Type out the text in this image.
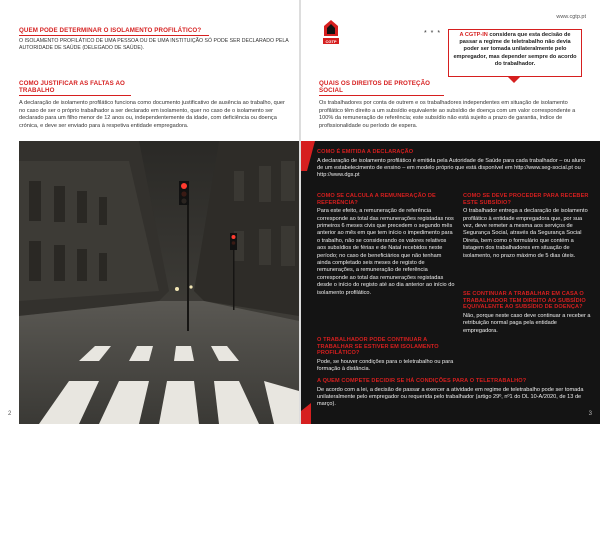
QUEM PODE DETERMINAR O ISOLAMENTO PROFILÁTICO?

O ISOLAMENTO PROFILÁTICO DE UMA PESSOA OU DE UMA INSTITUIÇÃO SÓ PODE SER DECLARADO PELA AUTORIDADE DE SAÚDE (DELEGADO DE SAÚDE).

COMO JUSTIFICAR AS FALTAS AO TRABALHO

A declaração de isolamento profilático funciona como documento justificativo de ausência ao trabalho, quer no caso de ser o próprio trabalhador a ser declarado em isolamento, quer no caso de o isolamento ser declarado para um filho menor de 12 anos ou, independentemente da idade, com deficiência ou doença crónica, e deve ser enviado para à respetiva entidade empregadora.

ISOLAMENTO
PROFILÁTICO
2
www.cgtp.pt
CGTP
* * *	A CGTP-IN considera que esta decisão de passar a regime de teletrabalho não devia poder ser tomada unilateralmente pelo empregador, mas depender sempre do acordo do trabalhador.
QUAIS OS DIREITOS DE PROTEÇÃO SOCIAL

Os trabalhadores por conta de outrem e os trabalhadores independentes em situação de isolamento profilático têm direito a um subsídio equivalente ao subsídio de doença com um valor correspondente a 100% da remuneração de referência; este subsídio não está sujeito a prazo de garantia, índice de profissionalidade ou período de espera.

COMO É EMITIDA A DECLARAÇÃO

A declaração de isolamento profilático é emitida pela Autoridade de Saúde para cada trabalhador – ou aluno de um estabelecimento de ensino – em modelo próprio que está disponível em http://www.seg-social.pt ou http://www.dgs.pt

COMO SE CALCULA A REMUNERAÇÃO DE REFERÊNCIA?

Para este efeito, a remuneração de referência corresponde ao total das remunerações registadas nos primeiros 6 meses civis que precedem o segundo mês anterior ao mês em que tem início o impedimento para o trabalho, não se considerando os valores relativos aos subsídios de férias e de Natal recebidos neste período; no caso de beneficiários que não tenham ainda completado seis meses de registo de remunerações, a remuneração de referência corresponde ao total das remunerações registadas desde o início do registo até ao dia anterior ao início do isolamento profilático.

O TRABALHADOR PODE CONTINUAR A TRABALHAR SE ESTIVER EM ISOLAMENTO PROFILÁTICO?

Pode, se houver condições para o teletrabalho ou para formação à distância.

COMO SE DEVE PROCEDER PARA RECEBER ESTE SUBSÍDIO?

O trabalhador entrega a declaração de isolamento profilático à entidade empregadora que, por sua vez, deve remeter a mesma aos serviços de Segurança Social, através da Segurança Social Direta, bem como o formulário que contém a listagem dos trabalhadores em situação de isolamento, no prazo máximo de 5 dias úteis.

SE CONTINUAR A TRABALHAR EM CASA O TRABALHADOR TEM DIREITO AO SUBSÍDIO EQUIVALENTE AO SUBSÍDIO DE DOENÇA?

Não, porque neste caso deve continuar a receber a retribuição normal paga pela entidade empregadora.

A QUEM COMPETE DECIDIR SE HÁ CONDIÇÕES PARA O TELETRABALHO?

De acordo com a lei, a decisão de passar a exercer a atividade em regime de teletrabalho pode ser tomada unilateralmente pelo empregador ou requerida pelo trabalhador (artigo 29º, nº1 do DL 10-A/2020, de 13 de março).

3
